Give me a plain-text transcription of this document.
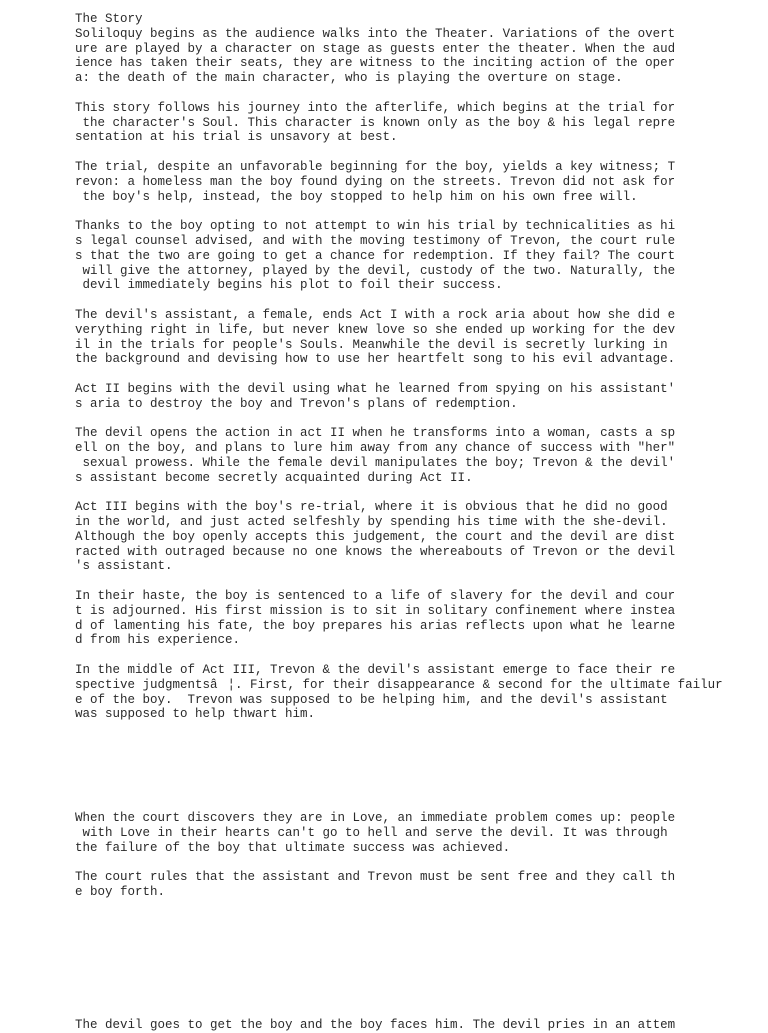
The Story
Soliloquy begins as the audience walks into the Theater. Variations of the overt
ure are played by a character on stage as guests enter the theater. When the aud
ience has taken their seats, they are witness to the inciting action of the oper
a: the death of the main character, who is playing the overture on stage.
This story follows his journey into the afterlife, which begins at the trial for
the character's Soul. This character is known only as the boy & his legal repre
sentation at his trial is unsavory at best.
The trial, despite an unfavorable beginning for the boy, yields a key witness; T
revon: a homeless man the boy found dying on the streets. Trevon did not ask for
the boy's help, instead, the boy stopped to help him on his own free will.
Thanks to the boy opting to not attempt to win his trial by technicalities as hi
s legal counsel advised, and with the moving testimony of Trevon, the court rule
s that the two are going to get a chance for redemption. If they fail? The court
will give the attorney, played by the devil, custody of the two. Naturally, the
devil immediately begins his plot to foil their success.
The devil's assistant, a female, ends Act I with a rock aria about how she did e
verything right in life, but never knew love so she ended up working for the dev
il in the trials for people's Souls. Meanwhile the devil is secretly lurking in
the background and devising how to use her heartfelt song to his evil advantage.
Act II begins with the devil using what he learned from spying on his assistant'
s aria to destroy the boy and Trevon's plans of redemption.
The devil opens the action in act II when he transforms into a woman, casts a sp
ell on the boy, and plans to lure him away from any chance of success with "her"
sexual prowess. While the female devil manipulates the boy; Trevon & the devil'
s assistant become secretly acquainted during Act II.
Act III begins with the boy's re-trial, where it is obvious that he did no good
in the world, and just acted selfeshly by spending his time with the she-devil.
Although the boy openly accepts this judgement, the court and the devil are dist
racted with outraged because no one knows the whereabouts of Trevon or the devil
's assistant.
In their haste, the boy is sentenced to a life of slavery for the devil and cour
t is adjourned. His first mission is to sit in solitary confinement where instea
d of lamenting his fate, the boy prepares his arias reflects upon what he learne
d from his experience.
In the middle of Act III, Trevon & the devil's assistant emerge to face their re
spective judgmentsâ¦. First, for their disappearance & second for the ultimate failur
e of the boy.  Trevon was supposed to be helping him, and the devil's assistant
was supposed to help thwart him.
When the court discovers they are in Love, an immediate problem comes up: people
with Love in their hearts can't go to hell and serve the devil. It was through
the failure of the boy that ultimate success was achieved.
The court rules that the assistant and Trevon must be sent free and they call th
e boy forth.
The devil goes to get the boy and the boy faces him. The devil pries in an attem
